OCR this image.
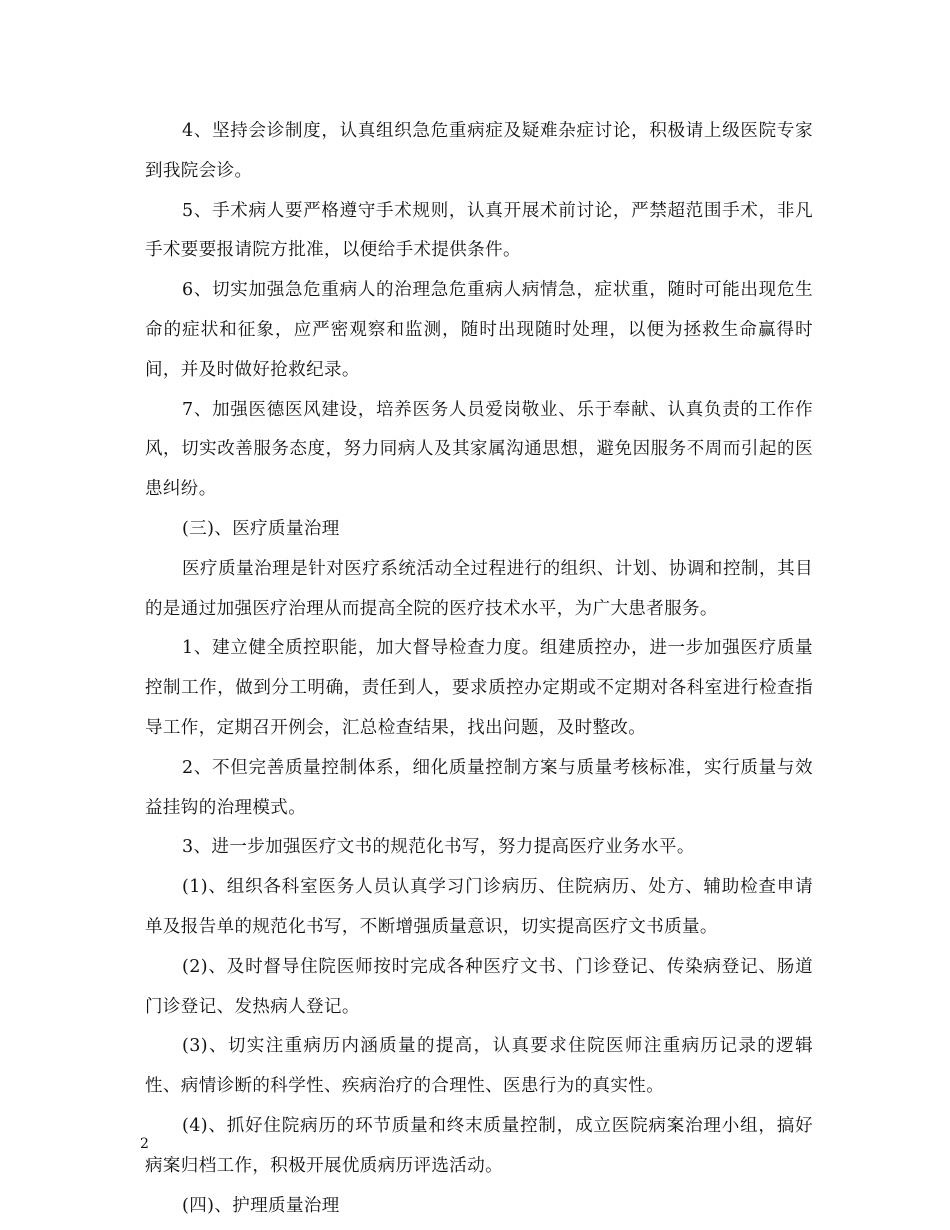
4、坚持会诊制度，认真组织急危重病症及疑难杂症讨论，积极请上级医院专家到我院会诊。

5、手术病人要严格遵守手术规则，认真开展术前讨论，严禁超范围手术，非凡手术要要报请院方批准，以便给手术提供条件。

6、切实加强急危重病人的治理急危重病人病情急，症状重，随时可能出现危生命的症状和征象，应严密观察和监测，随时出现随时处理，以便为拯救生命赢得时间，并及时做好抢救纪录。

7、加强医德医风建设，培养医务人员爱岗敬业、乐于奉献、认真负责的工作作风，切实改善服务态度，努力同病人及其家属沟通思想，避免因服务不周而引起的医患纠纷。

(三)、医疗质量治理

医疗质量治理是针对医疗系统活动全过程进行的组织、计划、协调和控制，其目的是通过加强医疗治理从而提高全院的医疗技术水平，为广大患者服务。

1、建立健全质控职能，加大督导检查力度。组建质控办，进一步加强医疗质量控制工作，做到分工明确，责任到人，要求质控办定期或不定期对各科室进行检查指导工作，定期召开例会，汇总检查结果，找出问题，及时整改。

2、不但完善质量控制体系，细化质量控制方案与质量考核标准，实行质量与效益挂钩的治理模式。

3、进一步加强医疗文书的规范化书写，努力提高医疗业务水平。

(1)、组织各科室医务人员认真学习门诊病历、住院病历、处方、辅助检查申请单及报告单的规范化书写，不断增强质量意识，切实提高医疗文书质量。

(2)、及时督导住院医师按时完成各种医疗文书、门诊登记、传染病登记、肠道门诊登记、发热病人登记。

(3)、切实注重病历内涵质量的提高，认真要求住院医师注重病历记录的逻辑性、病情诊断的科学性、疾病治疗的合理性、医患行为的真实性。

(4)、抓好住院病历的环节质量和终末质量控制，成立医院病案治理小组，搞好病案归档工作，积极开展优质病历评选活动。

(四)、护理质量治理

2
